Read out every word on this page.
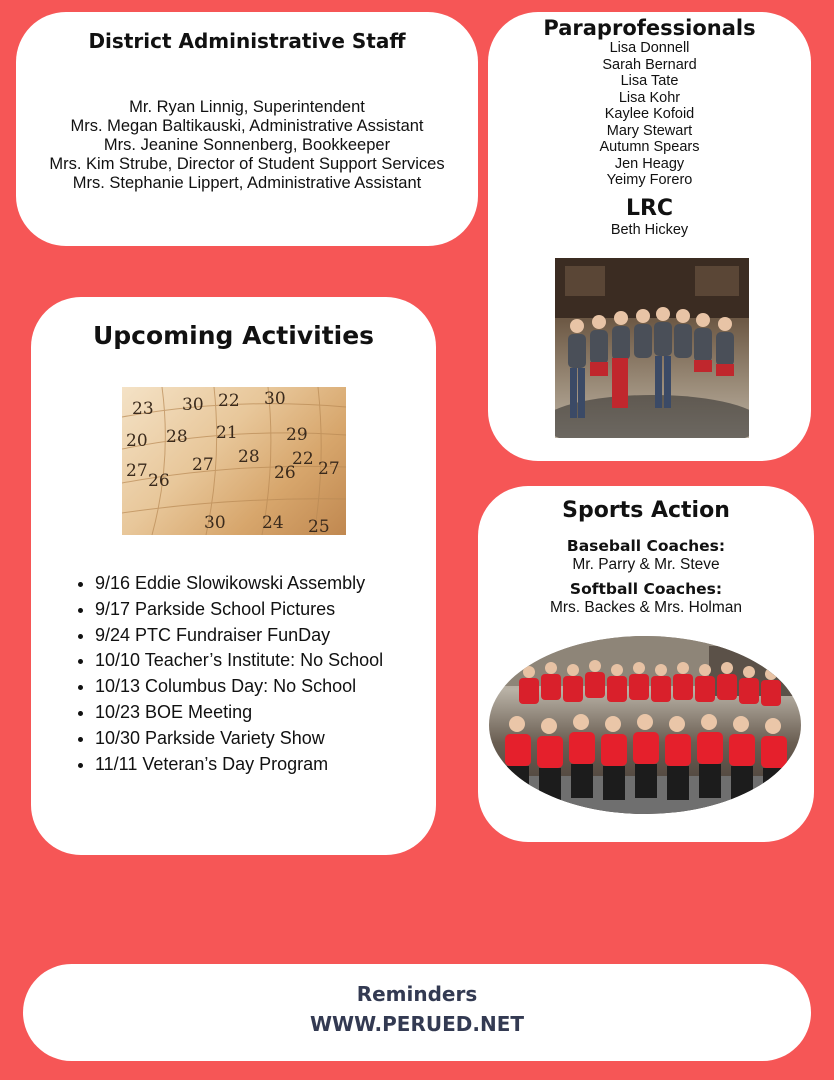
District Administrative Staff
Mr. Ryan Linnig, Superintendent
Mrs. Megan Baltikauski, Administrative Assistant
Mrs. Jeanine Sonnenberg, Bookkeeper
Mrs. Kim Strube, Director of Student Support Services
Mrs. Stephanie Lippert, Administrative Assistant
Paraprofessionals
Lisa Donnell
Sarah Bernard
Lisa Tate
Lisa Kohr
Kaylee Kofoid
Mary Stewart
Autumn Spears
Jen Heagy
Yeimy Forero
LRC
Beth Hickey
Upcoming Activities
23 30 22 30
20 28 21	29
27	27 28 22
26	26 27
30 24 25
• 9/16 Eddie Slowikowski Assembly
• 9/17 Parkside School Pictures
• 9/24 PTC Fundraiser FunDay
• 10/10 Teacher’s Institute: No School
• 10/13 Columbus Day: No School
• 10/23 BOE Meeting
• 10/30 Parkside Variety Show
• 11/11 Veteran’s Day Program
Sports Action
Baseball Coaches:
Mr. Parry & Mr. Steve
Softball Coaches:
Mrs. Backes & Mrs. Holman
Reminders
WWW.PERUED.NET
